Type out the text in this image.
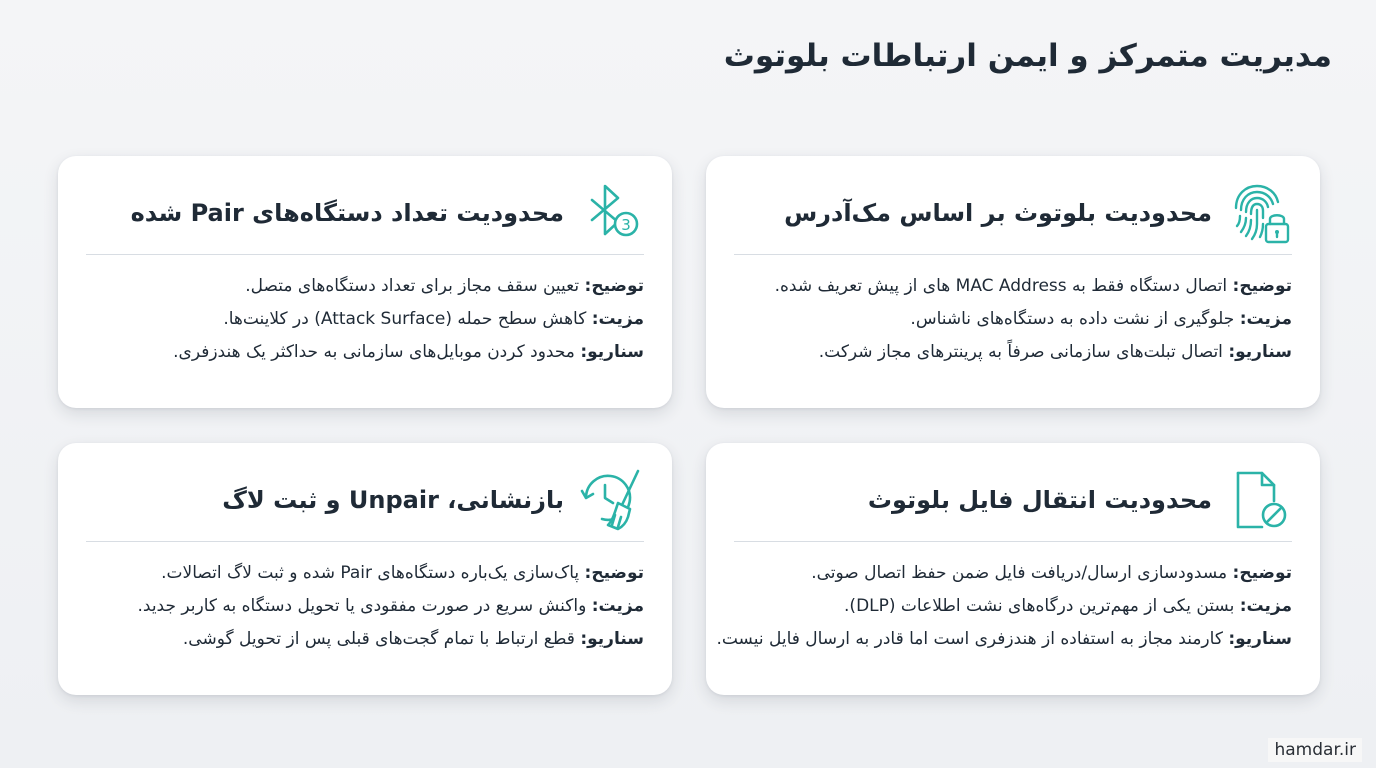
مدیریت متمرکز و ایمن ارتباطات بلوتوث
محدودیت بلوتوث بر اساس مک‌آدرس
توضیح: اتصال دستگاه فقط به MAC Address های از پیش تعریف شده.
مزیت: جلوگیری از نشت داده به دستگاه‌های ناشناس.
سناریو: اتصال تبلت‌های سازمانی صرفاً به پرینترهای مجاز شرکت.
3
محدودیت تعداد دستگاه‌های Pair شده
توضیح: تعیین سقف مجاز برای تعداد دستگاه‌های متصل.
مزیت: کاهش سطح حمله (Attack Surface) در کلاینت‌ها.
سناریو: محدود کردن موبایل‌های سازمانی به حداکثر یک هندزفری.
محدودیت انتقال فایل بلوتوث
توضیح: مسدودسازی ارسال/دریافت فایل ضمن حفظ اتصال صوتی.
مزیت: بستن یکی از مهم‌ترین درگاه‌های نشت اطلاعات (DLP).
سناریو: کارمند مجاز به استفاده از هندزفری است اما قادر به ارسال فایل نیست.
بازنشانی، Unpair و ثبت لاگ
توضیح: پاک‌سازی یک‌باره دستگاه‌های Pair شده و ثبت لاگ اتصالات.
مزیت: واکنش سریع در صورت مفقودی یا تحویل دستگاه به کاربر جدید.
سناریو: قطع ارتباط با تمام گجت‌های قبلی پس از تحویل گوشی.
hamdar.ir
